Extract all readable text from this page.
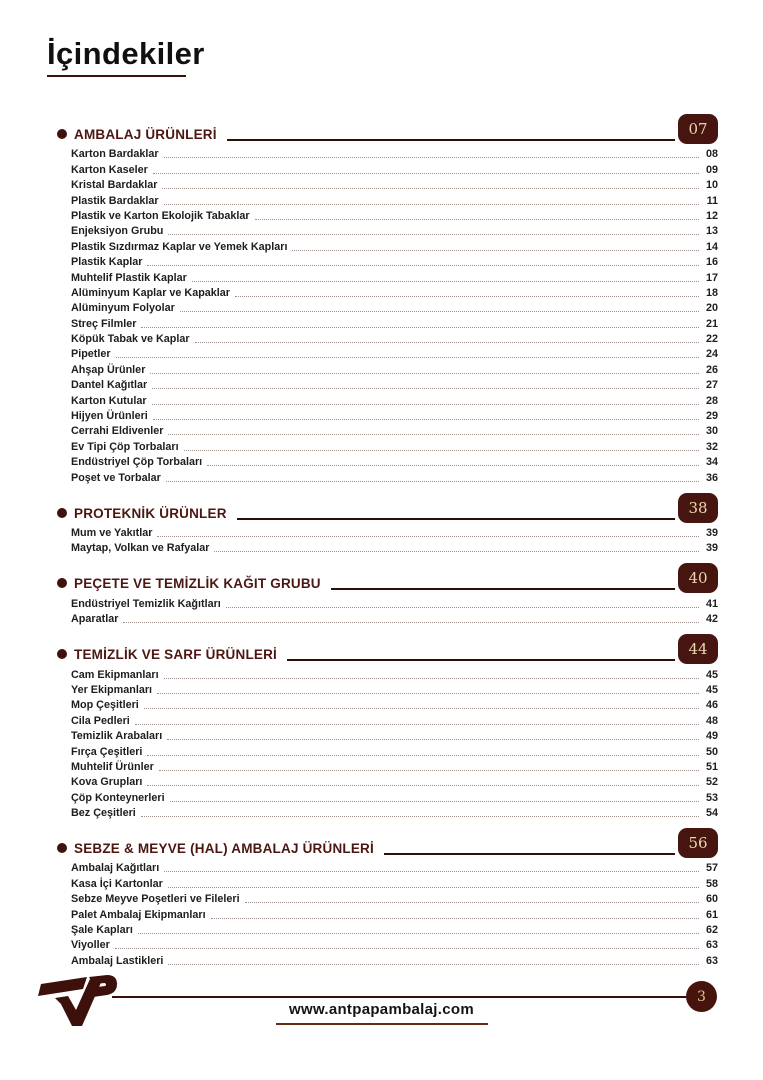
İçindekiler
AMBALAJ ÜRÜNLERİ	07
Karton Bardaklar	08
Karton Kaseler	09
Kristal Bardaklar	10
Plastik Bardaklar	11
Plastik ve Karton Ekolojik Tabaklar	12
Enjeksiyon Grubu	13
Plastik Sızdırmaz Kaplar ve Yemek Kapları	14
Plastik Kaplar	16
Muhtelif Plastik Kaplar	17
Alüminyum Kaplar ve Kapaklar	18
Alüminyum Folyolar	20
Streç Filmler	21
Köpük Tabak ve Kaplar	22
Pipetler	24
Ahşap Ürünler	26
Dantel Kağıtlar	27
Karton Kutular	28
Hijyen Ürünleri	29
Cerrahi Eldivenler	30
Ev Tipi Çöp Torbaları	32
Endüstriyel Çöp Torbaları	34
Poşet ve Torbalar	36
PROTEKNİK ÜRÜNLER	38
Mum ve Yakıtlar	39
Maytap, Volkan ve Rafyalar	39
PEÇETE VE TEMİZLİK KAĞIT GRUBU	40
Endüstriyel Temizlik Kağıtları	41
Aparatlar	42
TEMİZLİK VE SARF ÜRÜNLERİ	44
Cam Ekipmanları	45
Yer Ekipmanları	45
Mop Çeşitleri	46
Cila Pedleri	48
Temizlik Arabaları	49
Fırça Çeşitleri	50
Muhtelif Ürünler	51
Kova Grupları	52
Çöp Konteynerleri	53
Bez Çeşitleri	54
SEBZE & MEYVE (HAL) AMBALAJ ÜRÜNLERİ	56
Ambalaj Kağıtları	57
Kasa İçi Kartonlar	58
Sebze Meyve Poşetleri ve Fileleri	60
Palet Ambalaj Ekipmanları	61
Şale Kapları	62
Viyoller	63
Ambalaj Lastikleri	63
3
www.antpapambalaj.com
